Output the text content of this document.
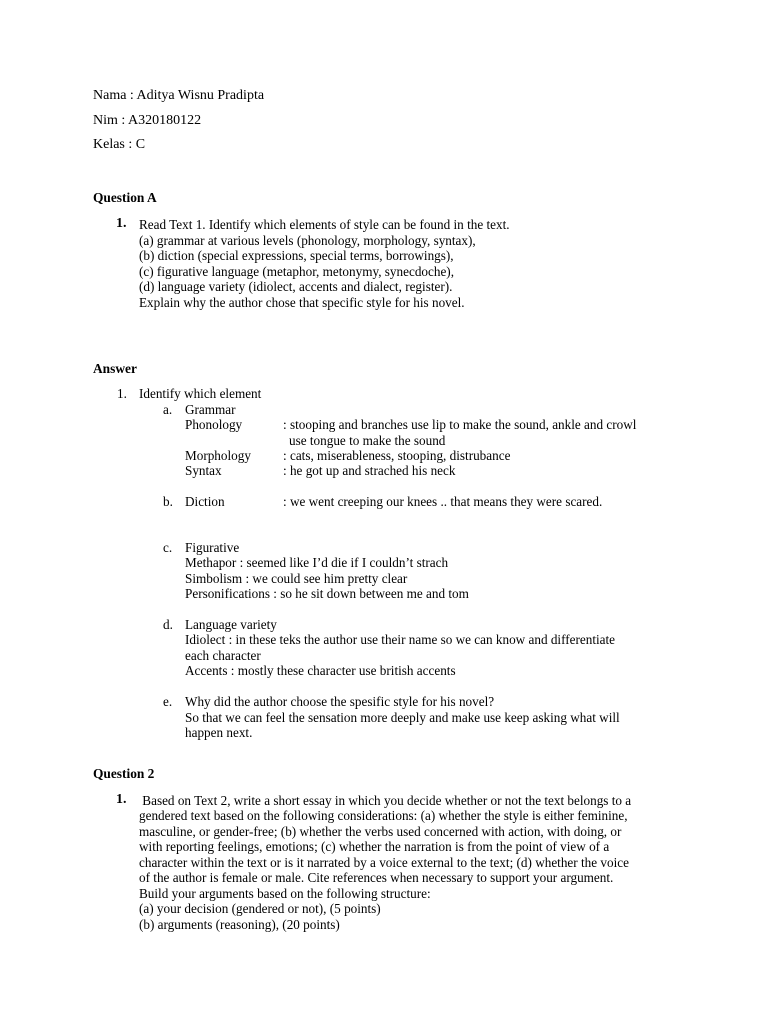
Nama : Aditya Wisnu Pradipta
Nim : A320180122
Kelas : C
Question A
1. Read Text 1. Identify which elements of style can be found in the text.
(a) grammar at various levels (phonology, morphology, syntax),
(b) diction (special expressions, special terms, borrowings),
(c) figurative language (metaphor, metonymy, synecdoche),
(d) language variety (idiolect, accents and dialect, register).
Explain why the author chose that specific style for his novel.
Answer
1. Identify which element
a. Grammar
Phonology	: stooping and branches use lip to make the sound, ankle and crowl
use tongue to make the sound
Morphology : cats, miserableness, stooping, distrubance
Syntax	: he got up and strached his neck
b. Diction	: we went creeping our knees .. that means they were scared.
c. Figurative
Methapor : seemed like I’d die if I couldn’t strach
Simbolism : we could see him pretty clear
Personifications : so he sit down between me and tom
d. Language variety
Idiolect : in these teks the author use their name so we can know and differentiate
each character
Accents : mostly these character use british accents
e. Why did the author choose the spesific style for his novel?
So that we can feel the sensation more deeply and make use keep asking what will
happen next.
Question 2
1. Based on Text 2, write a short essay in which you decide whether or not the text belongs to a
gendered text based on the following considerations: (a) whether the style is either feminine,
masculine, or gender-free; (b) whether the verbs used concerned with action, with doing, or
with reporting feelings, emotions; (c) whether the narration is from the point of view of a
character within the text or is it narrated by a voice external to the text; (d) whether the voice
of the author is female or male. Cite references when necessary to support your argument.
Build your arguments based on the following structure:
(a) your decision (gendered or not), (5 points)
(b) arguments (reasoning), (20 points)
